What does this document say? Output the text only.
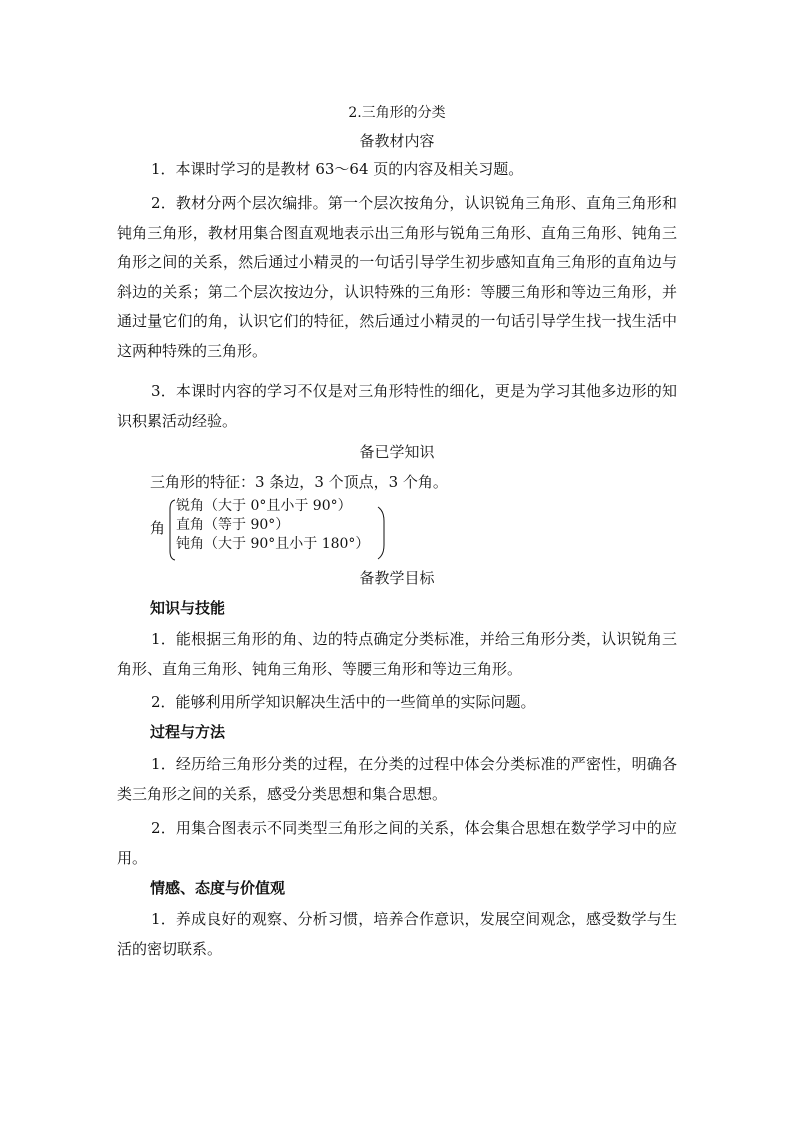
2.三角形的分类
备教材内容
1．本课时学习的是教材 63～64 页的内容及相关习题。
2．教材分两个层次编排。第一个层次按角分，认识锐角三角形、直角三角形和钝角三角形，教材用集合图直观地表示出三角形与锐角三角形、直角三角形、钝角三角形之间的关系，然后通过小精灵的一句话引导学生初步感知直角三角形的直角边与斜边的关系；第二个层次按边分，认识特殊的三角形：等腰三角形和等边三角形，并通过量它们的角，认识它们的特征，然后通过小精灵的一句话引导学生找一找生活中这两种特殊的三角形。
3．本课时内容的学习不仅是对三角形特性的细化，更是为学习其他多边形的知识积累活动经验。
备已学知识
三角形的特征：3 条边，3 个顶点，3 个角。
角
锐角（大于 0°且小于 90°）
直角（等于 90°）
钝角（大于 90°且小于 180°）
备教学目标
知识与技能
1．能根据三角形的角、边的特点确定分类标准，并给三角形分类，认识锐角三角形、直角三角形、钝角三角形、等腰三角形和等边三角形。
2．能够利用所学知识解决生活中的一些简单的实际问题。
过程与方法
1．经历给三角形分类的过程，在分类的过程中体会分类标准的严密性，明确各类三角形之间的关系，感受分类思想和集合思想。
2．用集合图表示不同类型三角形之间的关系，体会集合思想在数学学习中的应用。
情感、态度与价值观
1．养成良好的观察、分析习惯，培养合作意识，发展空间观念，感受数学与生活的密切联系。
